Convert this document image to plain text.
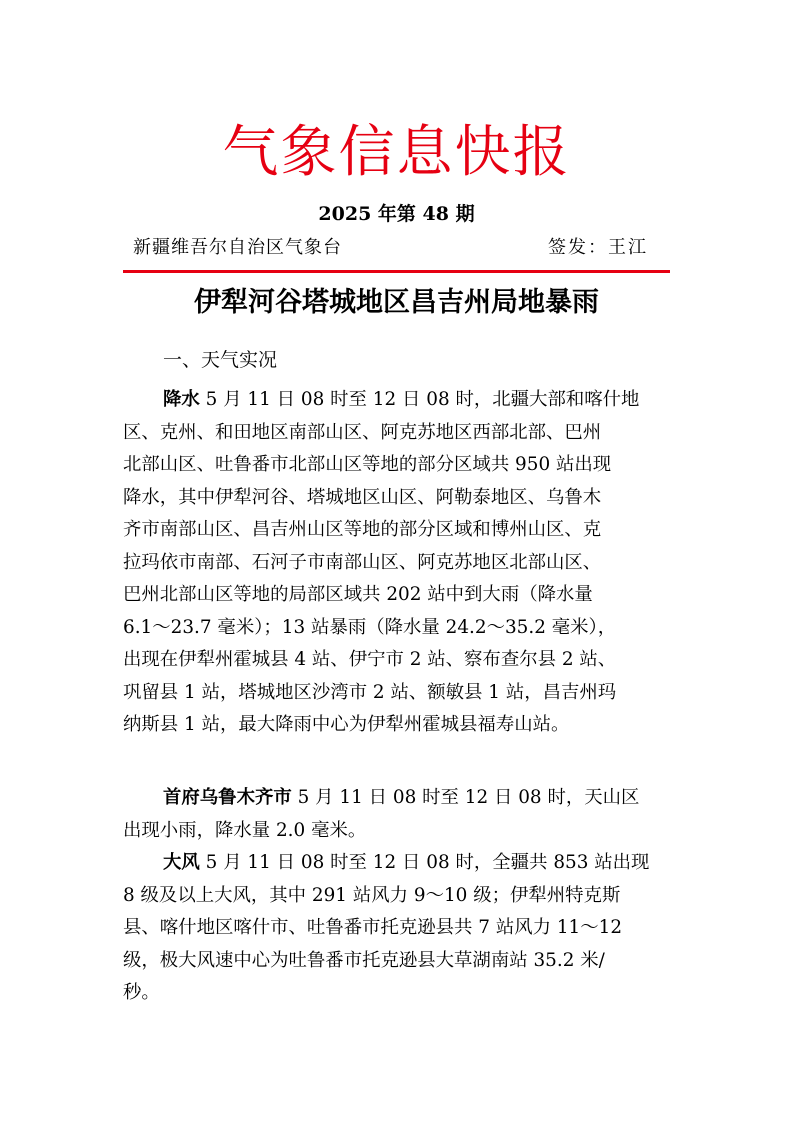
气象信息快报
2025 年第 48 期
新疆维吾尔自治区气象台	签发：王江
伊犁河谷塔城地区昌吉州局地暴雨
一、天气实况
降水 5 月 11 日 08 时至 12 日 08 时，北疆大部和喀什地
区、克州、和田地区南部山区、阿克苏地区西部北部、巴州
北部山区、吐鲁番市北部山区等地的部分区域共 950 站出现
降水，其中伊犁河谷、塔城地区山区、阿勒泰地区、乌鲁木
齐市南部山区、昌吉州山区等地的部分区域和博州山区、克
拉玛依市南部、石河子市南部山区、阿克苏地区北部山区、
巴州北部山区等地的局部区域共 202 站中到大雨（降水量
6.1～23.7 毫米）；13 站暴雨（降水量 24.2～35.2 毫米），
出现在伊犁州霍城县 4 站、伊宁市 2 站、察布查尔县 2 站、
巩留县 1 站，塔城地区沙湾市 2 站、额敏县 1 站，昌吉州玛
纳斯县 1 站，最大降雨中心为伊犁州霍城县福寿山站。
首府乌鲁木齐市 5 月 11 日 08 时至 12 日 08 时，天山区
出现小雨，降水量 2.0 毫米。
大风 5 月 11 日 08 时至 12 日 08 时，全疆共 853 站出现
8 级及以上大风，其中 291 站风力 9～10 级；伊犁州特克斯
县、喀什地区喀什市、吐鲁番市托克逊县共 7 站风力 11～12
级，极大风速中心为吐鲁番市托克逊县大草湖南站 35.2 米/
秒。
